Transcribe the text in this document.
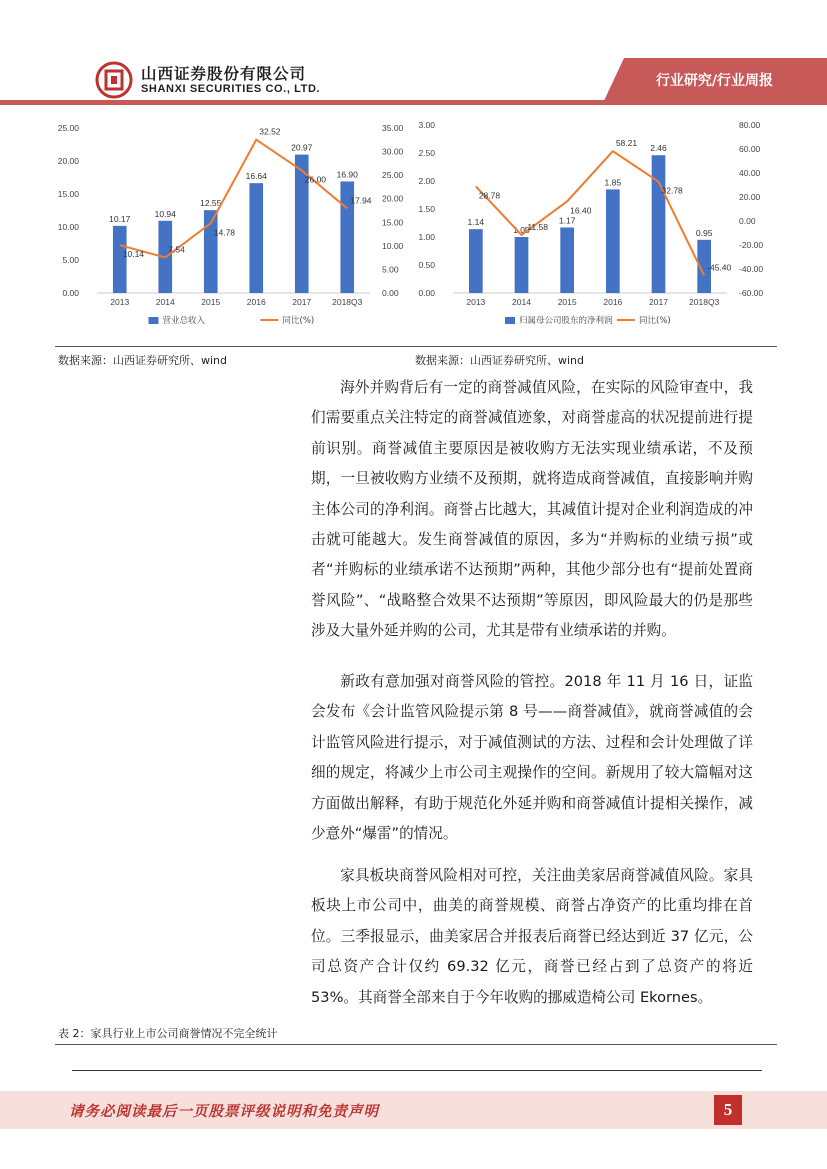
山西证券股份有限公司
SHANXI SECURITIES CO., LTD.	行业研究/行业周报
0.00
5.00
10.00
15.00
20.00
25.00
0.00
5.00
10.00
15.00
20.00
25.00
30.00
35.00
10.17
2013
10.94
2014
12.55
2015
16.64
2016
20.97
2017
16.90
2018Q3
10.14	7.54
14.78
32.52
26.00
17.94
营业总收入	同比(%)
0.00
0.50
1.00
1.50
2.00
2.50
3.00
-60.00
-40.00
-20.00
0.00
20.00
40.00
60.00
80.00
1.14
2013
1.00
2014
1.17
2015
1.85
2016
2.46
2017
0.95
2018Q3
28.78
-11.58
16.40
58.21
32.78
-45.40
归属母公司股东的净利润	同比(%)
数据来源：山西证券研究所、wind	数据来源：山西证券研究所、wind

海外并购背后有一定的商誉减值风险，在实际的风险审查中，我们需要重点关注特定的商誉减值迹象，对商誉虚高的状况提前进行提前识别。商誉减值主要原因是被收购方无法实现业绩承诺，不及预期，一旦被收购方业绩不及预期，就将造成商誉减值，直接影响并购主体公司的净利润。商誉占比越大，其减值计提对企业利润造成的冲击就可能越大。发生商誉减值的原因，多为“并购标的业绩亏损”或者“并购标的业绩承诺不达预期”两种，其他少部分也有“提前处置商誉风险”、“战略整合效果不达预期”等原因，即风险最大的仍是那些涉及大量外延并购的公司，尤其是带有业绩承诺的并购。

新政有意加强对商誉风险的管控。2018 年 11 月 16 日，证监会发布《会计监管风险提示第 8 号——商誉减值》，就商誉减值的会计监管风险进行提示，对于减值测试的方法、过程和会计处理做了详细的规定，将减少上市公司主观操作的空间。新规用了较大篇幅对这方面做出解释，有助于规范化外延并购和商誉减值计提相关操作，减少意外“爆雷”的情况。

家具板块商誉风险相对可控，关注曲美家居商誉减值风险。家具板块上市公司中，曲美的商誉规模、商誉占净资产的比重均排在首位。三季报显示，曲美家居合并报表后商誉已经达到近 37 亿元，公司总资产合计仅约 69.32 亿元，商誉已经占到了总资产的将近 53%。其商誉全部来自于今年收购的挪威造椅公司 Ekornes。

表 2：家具行业上市公司商誉情况不完全统计
请务必阅读最后一页股票评级说明和免责声明	5
